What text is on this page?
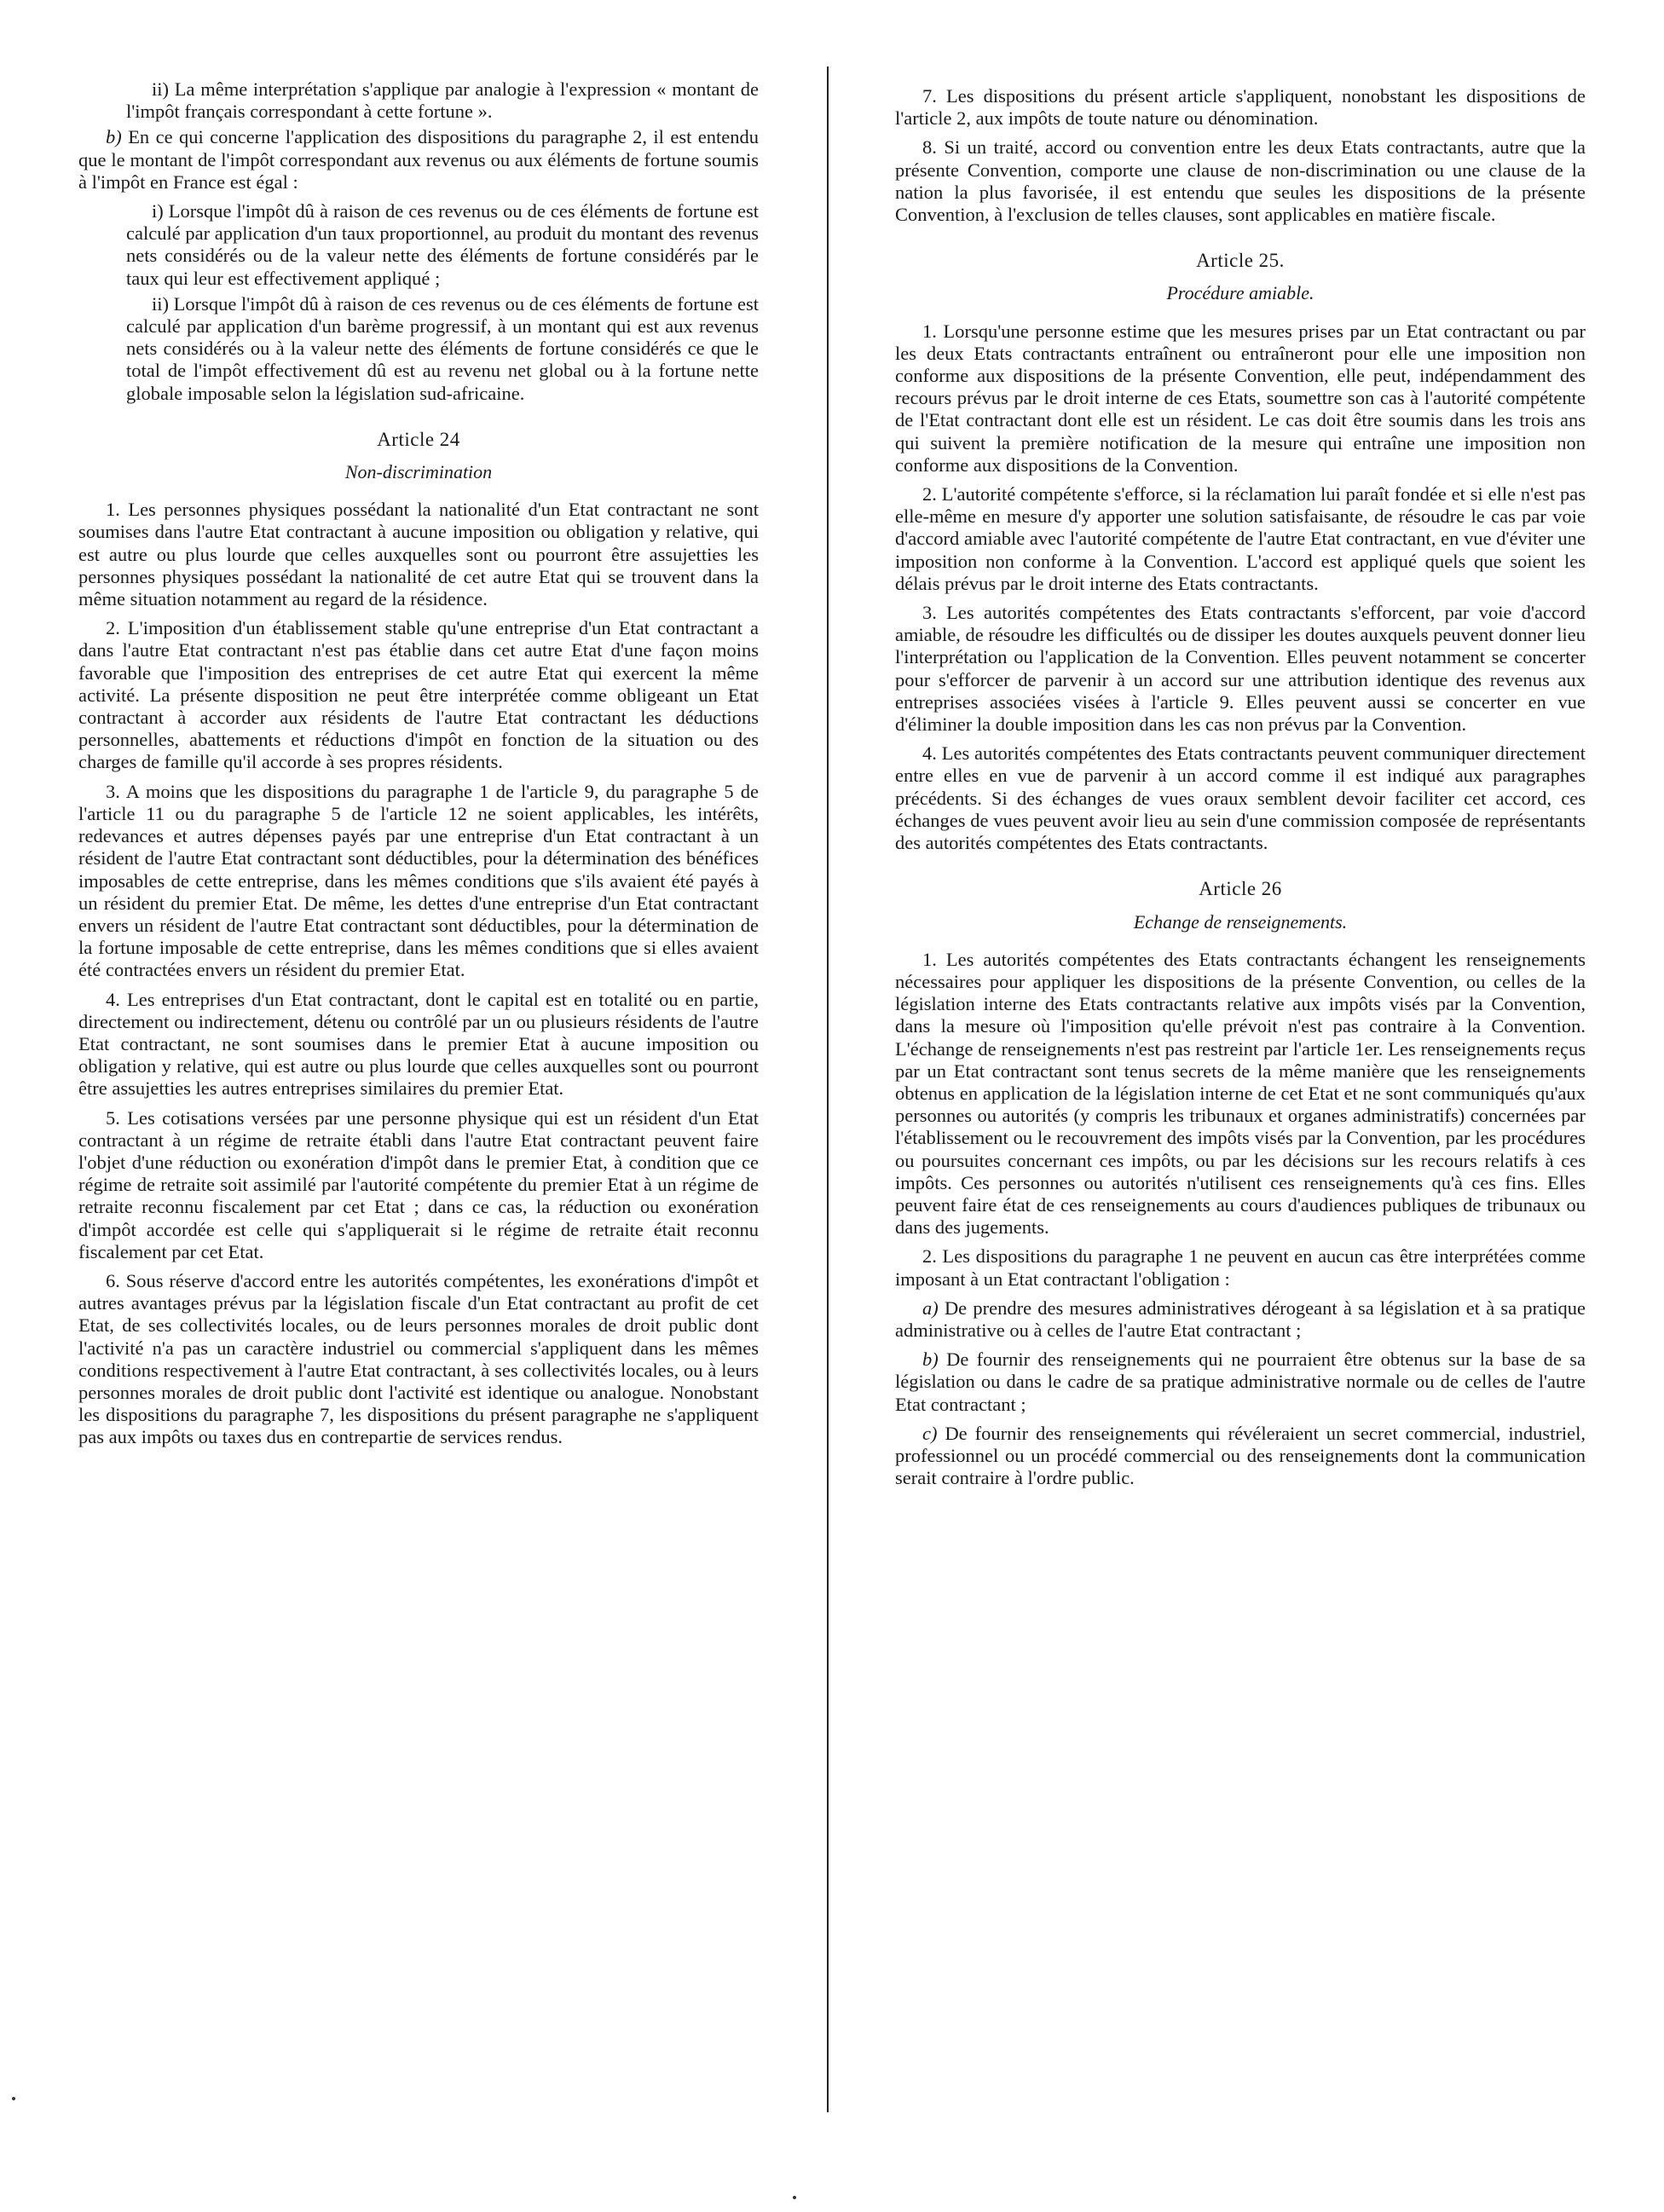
ii) La même interprétation s'applique par analogie à l'expression « montant de l'impôt français correspondant à cette fortune ».

b) En ce qui concerne l'application des dispositions du paragraphe 2, il est entendu que le montant de l'impôt correspondant aux revenus ou aux éléments de fortune soumis à l'impôt en France est égal :

i) Lorsque l'impôt dû à raison de ces revenus ou de ces éléments de fortune est calculé par application d'un taux proportionnel, au produit du montant des revenus nets considérés ou de la valeur nette des éléments de fortune considérés par le taux qui leur est effectivement appliqué ;

ii) Lorsque l'impôt dû à raison de ces revenus ou de ces éléments de fortune est calculé par application d'un barème progressif, à un montant qui est aux revenus nets considérés ou à la valeur nette des éléments de fortune considérés ce que le total de l'impôt effectivement dû est au revenu net global ou à la fortune nette globale imposable selon la législation sud-africaine.

Article 24
Non-discrimination

1. Les personnes physiques possédant la nationalité d'un Etat contractant ne sont soumises dans l'autre Etat contractant à aucune imposition ou obligation y relative, qui est autre ou plus lourde que celles auxquelles sont ou pourront être assujetties les personnes physiques possédant la nationalité de cet autre Etat qui se trouvent dans la même situation notamment au regard de la résidence.

2. L'imposition d'un établissement stable qu'une entreprise d'un Etat contractant a dans l'autre Etat contractant n'est pas établie dans cet autre Etat d'une façon moins favorable que l'imposition des entreprises de cet autre Etat qui exercent la même activité. La présente disposition ne peut être interprétée comme obligeant un Etat contractant à accorder aux résidents de l'autre Etat contractant les déductions personnelles, abattements et réductions d'impôt en fonction de la situation ou des charges de famille qu'il accorde à ses propres résidents.

3. A moins que les dispositions du paragraphe 1 de l'article 9, du paragraphe 5 de l'article 11 ou du paragraphe 5 de l'article 12 ne soient applicables, les intérêts, redevances et autres dépenses payés par une entreprise d'un Etat contractant à un résident de l'autre Etat contractant sont déductibles, pour la détermination des bénéfices imposables de cette entreprise, dans les mêmes conditions que s'ils avaient été payés à un résident du premier Etat. De même, les dettes d'une entreprise d'un Etat contractant envers un résident de l'autre Etat contractant sont déductibles, pour la détermination de la fortune imposable de cette entreprise, dans les mêmes conditions que si elles avaient été contractées envers un résident du premier Etat.

4. Les entreprises d'un Etat contractant, dont le capital est en totalité ou en partie, directement ou indirectement, détenu ou contrôlé par un ou plusieurs résidents de l'autre Etat contractant, ne sont soumises dans le premier Etat à aucune imposition ou obligation y relative, qui est autre ou plus lourde que celles auxquelles sont ou pourront être assujetties les autres entreprises similaires du premier Etat.

5. Les cotisations versées par une personne physique qui est un résident d'un Etat contractant à un régime de retraite établi dans l'autre Etat contractant peuvent faire l'objet d'une réduction ou exonération d'impôt dans le premier Etat, à condition que ce régime de retraite soit assimilé par l'autorité compétente du premier Etat à un régime de retraite reconnu fiscalement par cet Etat ; dans ce cas, la réduction ou exonération d'impôt accordée est celle qui s'appliquerait si le régime de retraite était reconnu fiscalement par cet Etat.

6. Sous réserve d'accord entre les autorités compétentes, les exonérations d'impôt et autres avantages prévus par la législation fiscale d'un Etat contractant au profit de cet Etat, de ses collectivités locales, ou de leurs personnes morales de droit public dont l'activité n'a pas un caractère industriel ou commercial s'appliquent dans les mêmes conditions respectivement à l'autre Etat contractant, à ses collectivités locales, ou à leurs personnes morales de droit public dont l'activité est identique ou analogue. Nonobstant les dispositions du paragraphe 7, les dispositions du présent paragraphe ne s'appliquent pas aux impôts ou taxes dus en contrepartie de services rendus.

7. Les dispositions du présent article s'appliquent, nonobstant les dispositions de l'article 2, aux impôts de toute nature ou dénomination.

8. Si un traité, accord ou convention entre les deux Etats contractants, autre que la présente Convention, comporte une clause de non-discrimination ou une clause de la nation la plus favorisée, il est entendu que seules les dispositions de la présente Convention, à l'exclusion de telles clauses, sont applicables en matière fiscale.

Article 25.
Procédure amiable.

1. Lorsqu'une personne estime que les mesures prises par un Etat contractant ou par les deux Etats contractants entraînent ou entraîneront pour elle une imposition non conforme aux dispositions de la présente Convention, elle peut, indépendamment des recours prévus par le droit interne de ces Etats, soumettre son cas à l'autorité compétente de l'Etat contractant dont elle est un résident. Le cas doit être soumis dans les trois ans qui suivent la première notification de la mesure qui entraîne une imposition non conforme aux dispositions de la Convention.

2. L'autorité compétente s'efforce, si la réclamation lui paraît fondée et si elle n'est pas elle-même en mesure d'y apporter une solution satisfaisante, de résoudre le cas par voie d'accord amiable avec l'autorité compétente de l'autre Etat contractant, en vue d'éviter une imposition non conforme à la Convention. L'accord est appliqué quels que soient les délais prévus par le droit interne des Etats contractants.

3. Les autorités compétentes des Etats contractants s'efforcent, par voie d'accord amiable, de résoudre les difficultés ou de dissiper les doutes auxquels peuvent donner lieu l'interprétation ou l'application de la Convention. Elles peuvent notamment se concerter pour s'efforcer de parvenir à un accord sur une attribution identique des revenus aux entreprises associées visées à l'article 9. Elles peuvent aussi se concerter en vue d'éliminer la double imposition dans les cas non prévus par la Convention.

4. Les autorités compétentes des Etats contractants peuvent communiquer directement entre elles en vue de parvenir à un accord comme il est indiqué aux paragraphes précédents. Si des échanges de vues oraux semblent devoir faciliter cet accord, ces échanges de vues peuvent avoir lieu au sein d'une commission composée de représentants des autorités compétentes des Etats contractants.

Article 26
Echange de renseignements.

1. Les autorités compétentes des Etats contractants échangent les renseignements nécessaires pour appliquer les dispositions de la présente Convention, ou celles de la législation interne des Etats contractants relative aux impôts visés par la Convention, dans la mesure où l'imposition qu'elle prévoit n'est pas contraire à la Convention. L'échange de renseignements n'est pas restreint par l'article 1er. Les renseignements reçus par un Etat contractant sont tenus secrets de la même manière que les renseignements obtenus en application de la législation interne de cet Etat et ne sont communiqués qu'aux personnes ou autorités (y compris les tribunaux et organes administratifs) concernées par l'établissement ou le recouvrement des impôts visés par la Convention, par les procédures ou poursuites concernant ces impôts, ou par les décisions sur les recours relatifs à ces impôts. Ces personnes ou autorités n'utilisent ces renseignements qu'à ces fins. Elles peuvent faire état de ces renseignements au cours d'audiences publiques de tribunaux ou dans des jugements.

2. Les dispositions du paragraphe 1 ne peuvent en aucun cas être interprétées comme imposant à un Etat contractant l'obligation :

a) De prendre des mesures administratives dérogeant à sa législation et à sa pratique administrative ou à celles de l'autre Etat contractant ;

b) De fournir des renseignements qui ne pourraient être obtenus sur la base de sa législation ou dans le cadre de sa pratique administrative normale ou de celles de l'autre Etat contractant ;

c) De fournir des renseignements qui révéleraient un secret commercial, industriel, professionnel ou un procédé commercial ou des renseignements dont la communication serait contraire à l'ordre public.
